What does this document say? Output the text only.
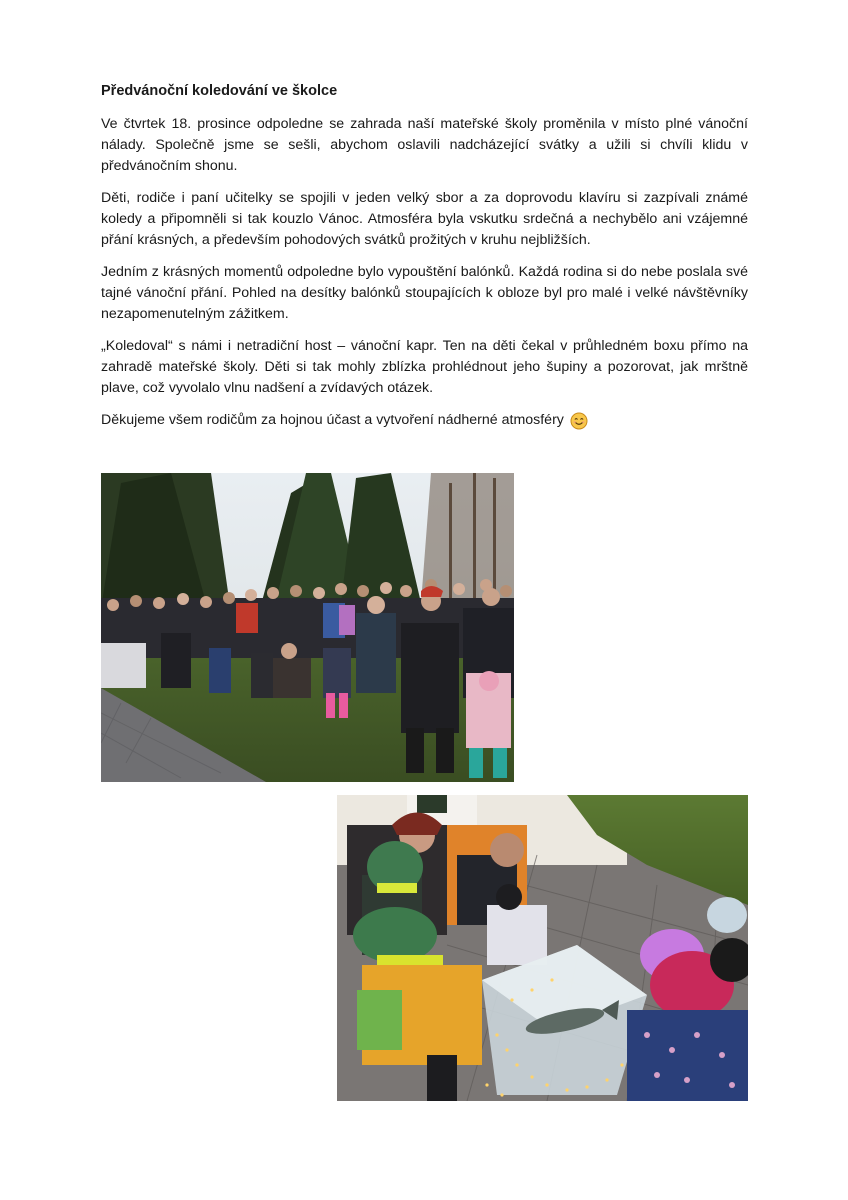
Předvánoční koledování ve školce

Ve čtvrtek 18. prosince odpoledne se zahrada naší mateřské školy proměnila v místo plné vánoční nálady. Společně jsme se sešli, abychom oslavili nadcházející svátky a užili si chvíli klidu v předvánočním shonu.

Děti, rodiče i paní učitelky se spojili v jeden velký sbor a za doprovodu klavíru si zazpívali známé koledy a připomněli si tak kouzlo Vánoc. Atmosféra byla vskutku srdečná a nechybělo ani vzájemné přání krásných, a především pohodových svátků prožitých v kruhu nejbližších.

Jedním z krásných momentů odpoledne bylo vypouštění balónků. Každá rodina si do nebe poslala své tajné vánoční přání. Pohled na desítky balónků stoupajících k obloze byl pro malé i velké návštěvníky nezapomenutelným zážitkem.

„Koledoval“ s námi i netradiční host – vánoční kapr. Ten na děti čekal v průhledném boxu přímo na zahradě mateřské školy. Děti si tak mohly zblízka prohlédnout jeho šupiny a pozorovat, jak mrštně plave, což vyvolalo vlnu nadšení a zvídavých otázek.

Děkujeme všem rodičům za hojnou účast a vytvoření nádherné atmosféry
